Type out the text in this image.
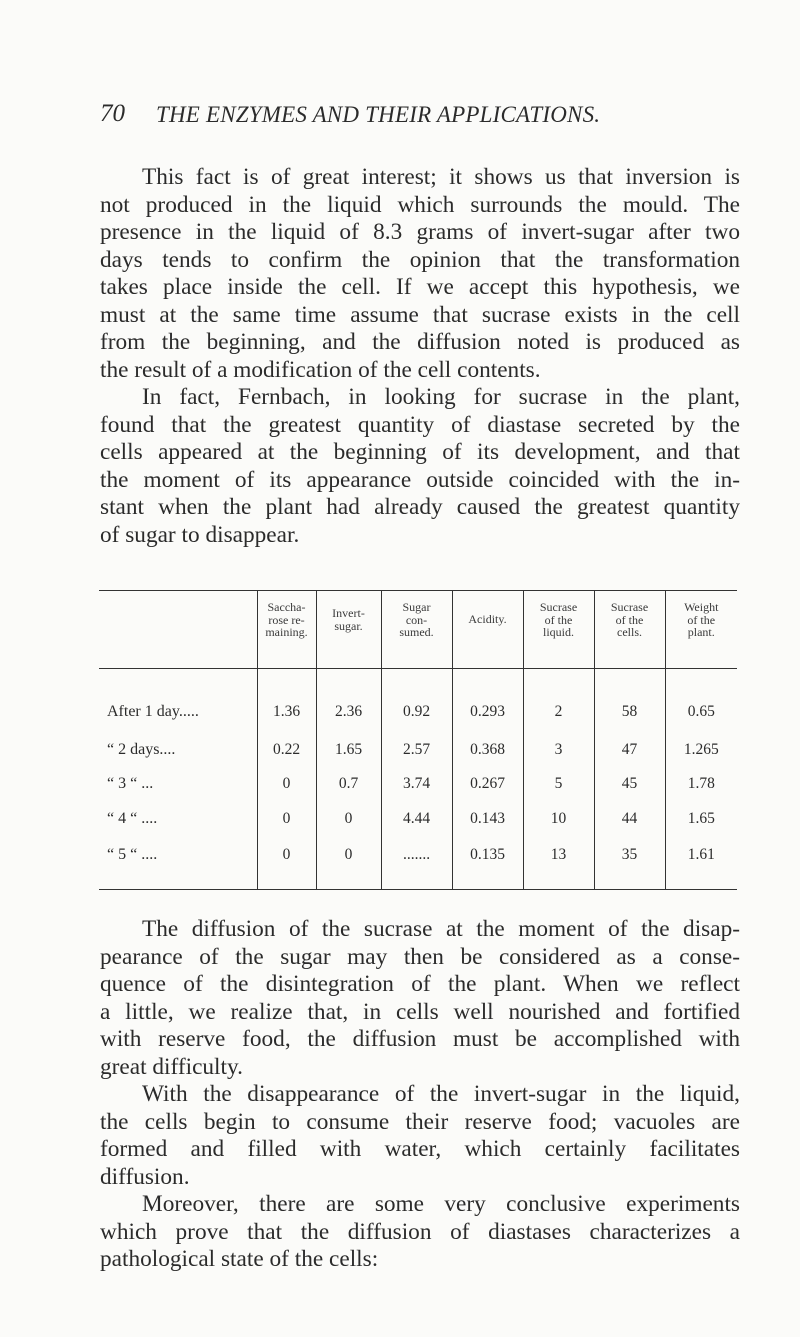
70 THE ENZYMES AND THEIR APPLICATIONS.
This fact is of great interest; it shows us that inversion is
not produced in the liquid which surrounds the mould. The
presence in the liquid of 8.3 grams of invert-sugar after two
days tends to confirm the opinion that the transformation
takes place inside the cell. If we accept this hypothesis, we
must at the same time assume that sucrase exists in the cell
from the beginning, and the diffusion noted is produced as
the result of a modification of the cell contents.
In fact, Fernbach, in looking for sucrase in the plant,
found that the greatest quantity of diastase secreted by the
cells appeared at the beginning of its development, and that
the moment of its appearance outside coincided with the in-
stant when the plant had already caused the greatest quantity
of sugar to disappear.
	Saccha-
rose re-
maining.	Invert-
sugar.	Sugar
con-
sumed.	Acidity.	Sucrase
of the
liquid.	Sucrase
of the
cells.	Weight
of the
plant.
After 1 day.....	1.36	2.36	0.92	0.293	2	58	0.65
“ 2 days....	0.22	1.65	2.57	0.368	3	47	1.265
“ 3 “ ...	0	0.7	3.74	0.267	5	45	1.78
“ 4 “ ....	0	0	4.44	0.143	10	44	1.65
“ 5 “ ....	0	0	.......	0.135	13	35	1.61
The diffusion of the sucrase at the moment of the disap-
pearance of the sugar may then be considered as a conse-
quence of the disintegration of the plant. When we reflect
a little, we realize that, in cells well nourished and fortified
with reserve food, the diffusion must be accomplished with
great difficulty.
With the disappearance of the invert-sugar in the liquid,
the cells begin to consume their reserve food; vacuoles are
formed and filled with water, which certainly facilitates
diffusion.
Moreover, there are some very conclusive experiments
which prove that the diffusion of diastases characterizes a
pathological state of the cells:
